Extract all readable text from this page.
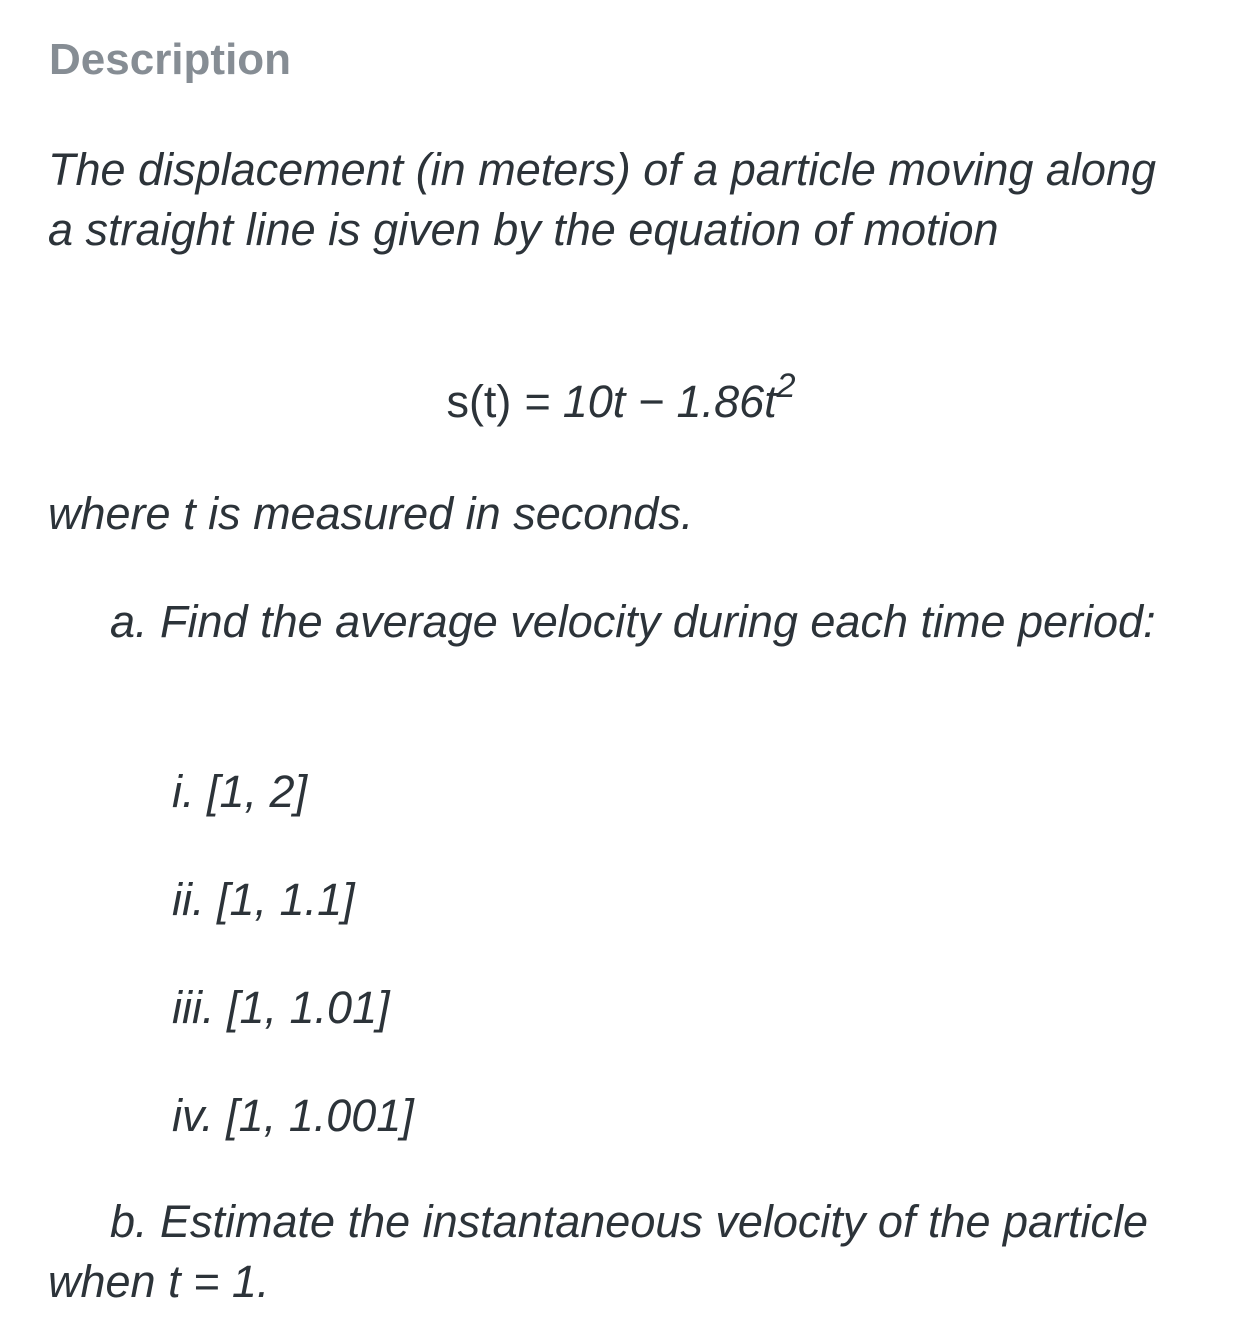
Description

The displacement (in meters) of a particle moving along a straight line is given by the equation of motion

$s(t) = 10t - 1.86t^2$

where t is measured in seconds.

a. Find the average velocity during each time period:

i. [1, 2]

ii. [1, 1.1]

iii. [1, 1.01]

iv. [1, 1.001]

b. Estimate the instantaneous velocity of the particle when t = 1.
